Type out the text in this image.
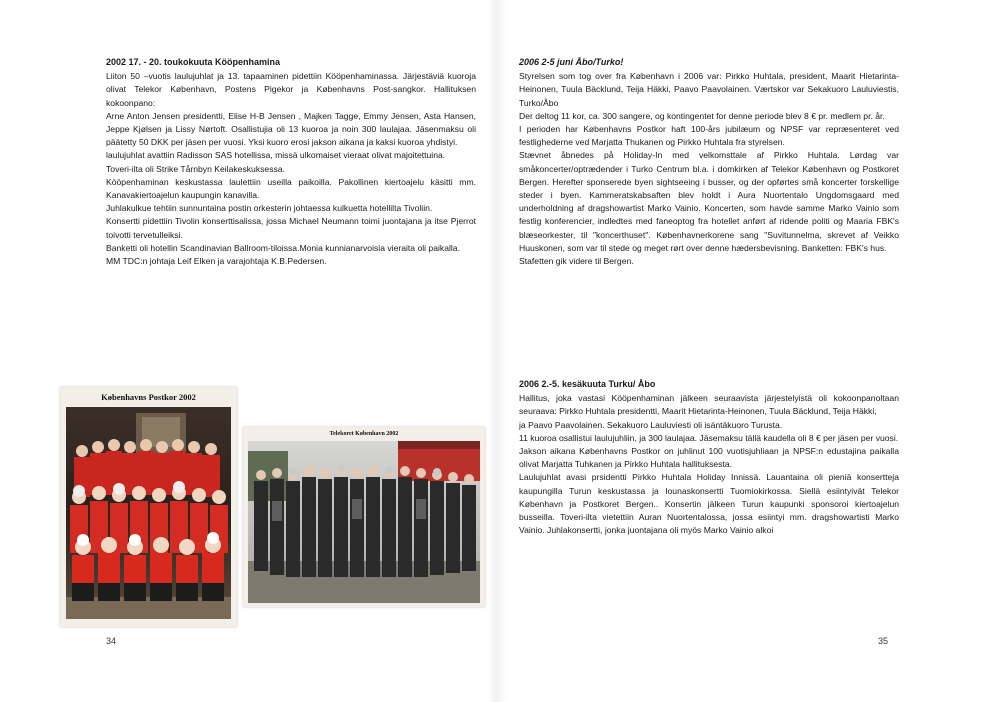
2002 17. - 20. toukokuuta Kööpenhamina

Liiton 50 –vuotis laulujuhlat ja 13. tapaaminen pidettiin Kööpenhaminassa. Järjestäviä kuoroja olivat Telekor København, Postens Pigekor ja Københavns Post-sangkor. Hallituksen kokoonpano:

Arne Anton Jensen presidentti, Elise H-B Jensen , Majken Tagge, Emmy Jensen, Asta Hansen, Jeppe Kjølsen ja Lissy Nørtoft. Osallistujia oli 13 kuoroa ja noin 300 laulajaa. Jäsenmaksu oli päätetty 50 DKK per jäsen per vuosi. Yksi kuoro erosi jakson aikana ja kaksi kuoroa yhdistyi.

laulujuhlat avattiin Radisson SAS hotellissa, missä ulkomaiset vieraat olivat majoitettuina.

Toveri-ilta oli Strike Tårnbyn Keilakeskuksessa.

Kööpenhaminan keskustassa laulettiin useilla paikoilla. Pakollinen kiertoajelu käsitti mm. Kanavakiertoajelun kaupungin kanavilla.

Juhlakulkue tehtiin sunnuntaina postin orkesterin johtaessa kulkuetta hotellilta Tivoliin.

Konsertti pidettiin Tivolin konserttisalissa, jossa Michael Neumann toimi juontajana ja itse Pjerrot toivotti tervetulleiksi.

Banketti oli hotellin Scandinavian Ballroom-tiloissa.Monia kunnianarvoisia vieraita oli paikalla.

MM TDC:n johtaja Leif Elken ja varajohtaja K.B.Pedersen.

Københavns Postkor 2002
34
Telekoret København 2002

2006 2-5 juni Åbo/Turko!

Styrelsen som tog over fra København i 2006 var: Pirkko Huhtala, president, Maarit Hietarinta-Heinonen, Tuula Bäcklund, Teija Häkki, Paavo Paavolainen. Værtskor var Sekakuoro Lauluviestis, Turko/Åbo

Der deltog 11 kor, ca. 300 sangere, og kontingentet for denne periode blev 8 € pr. medlem pr. år.

I perioden har Københavns Postkor haft 100-års jubilæum og NPSF var repræsenteret ved festlighederne ved Marjatta Thukanen og Pirkko Huhtala fra styrelsen.

Stævnet åbnedes på Holiday-In med velkomsttale af Pirkko Huhtala. Lørdag var småkoncerter/optrædender i Turko Centrum bl.a. i domkirken af Telekor København og Postkoret Bergen. Herefter sponserede byen sightseeing i busser, og der opførtes små koncerter forskellige steder i byen. Kammeratskabsaften blev holdt i Aura Nuortentalo Ungdomsgaard med underholdning af dragshowartist Marko Vainio. Koncerten, som havde samme Marko Vainio som festlig konferencier, indledtes med faneoptog fra hotellet anført af ridende politi og Maaria FBK's blæseorkester, til "koncerthuset". Københavnerkorene sang "Suvitunnelma, skrevet af Veikko Huuskonen, som var til stede og meget rørt over denne hædersbevisning. Banketten: FBK's hus.

Stafetten gik videre til Bergen.

2006 2.-5. kesäkuuta Turku/ Åbo

Hallitus, joka vastasi Kööpenhaminan jälkeen seuraavista järjestelyistä oli kokoonpanoltaan seuraava: Pirkko Huhtala presidentti, Maarit Hietarinta-Heinonen, Tuula Bäcklund, Teija Häkki,

ja Paavo Paavolainen. Sekakuoro Lauluviesti oli isäntäkuoro Turusta.

11 kuoroa osallistui laulujuhliin, ja 300 laulajaa. Jäsemaksu tällä kaudella oli 8 € per jäsen per vuosi.

Jakson aikana Københavns Postkor on juhlinut 100 vuotisjuhliaan ja NPSF:n edustajina paikalla olivat Marjatta Tuhkanen ja Pirkko Huhtala hallituksesta.

Laulujuhlat avasi prsidentti Pirkko Huhtala Holiday Innissä. Lauantaina oli pieniä konsertteja kaupungilla Turun keskustassa ja lounaskonsertti Tuomiokirkossa. Siellä esiintyivät Telekor København ja Postkoret Bergen.. Konsertin jälkeen Turun kaupunki sponsoroi kiertoajelun busseilla. Toveri-ilta vietettiin Auran Nuortentalossa, jossa esiintyi mm. dragshowartisti Marko Vainio. Juhlakonsertti, jonka juontajana oli myös Marko Vainio alkoi

35
